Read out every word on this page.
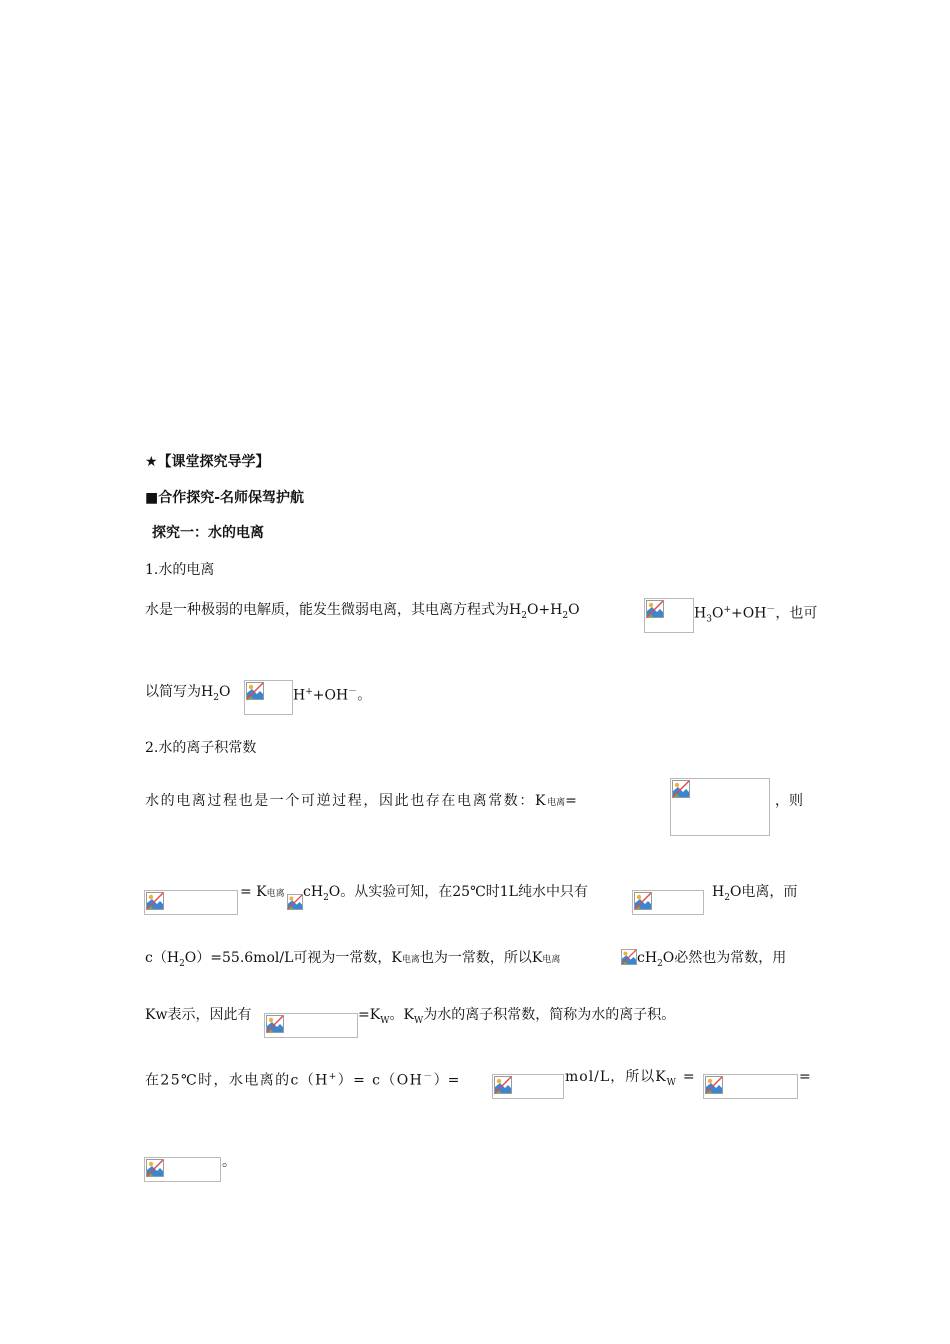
★【课堂探究导学】
■合作探究-名师保驾护航
探究一：水的电离
1.水的电离
水是一种极弱的电解质，能发生微弱电离，其电离方程式为$H_2O+H_2O$	$H_3O^++OH^-$，也可
以简写为$H_2O$	H++OH－。
2.水的离子积常数
水的电离过程也是一个可逆过程，因此也存在电离常数：K电离=	，则
= K电离 $cH_2O$。从实验可知，在25℃时1L纯水中只有	$H_2O$电离，而
$c(H_2O)=55.6mol/L$可视为一常数，K电离也为一常数，所以K电离	$cH_2O$必然也为常数，用
Kw表示，因此有	$=K_W$。$K_W$为水的离子积常数，简称为水的离子积。
在25℃时，水电离的c（H+）= c（OH－）=	mol/L，所以$K_W$ =	=
。
